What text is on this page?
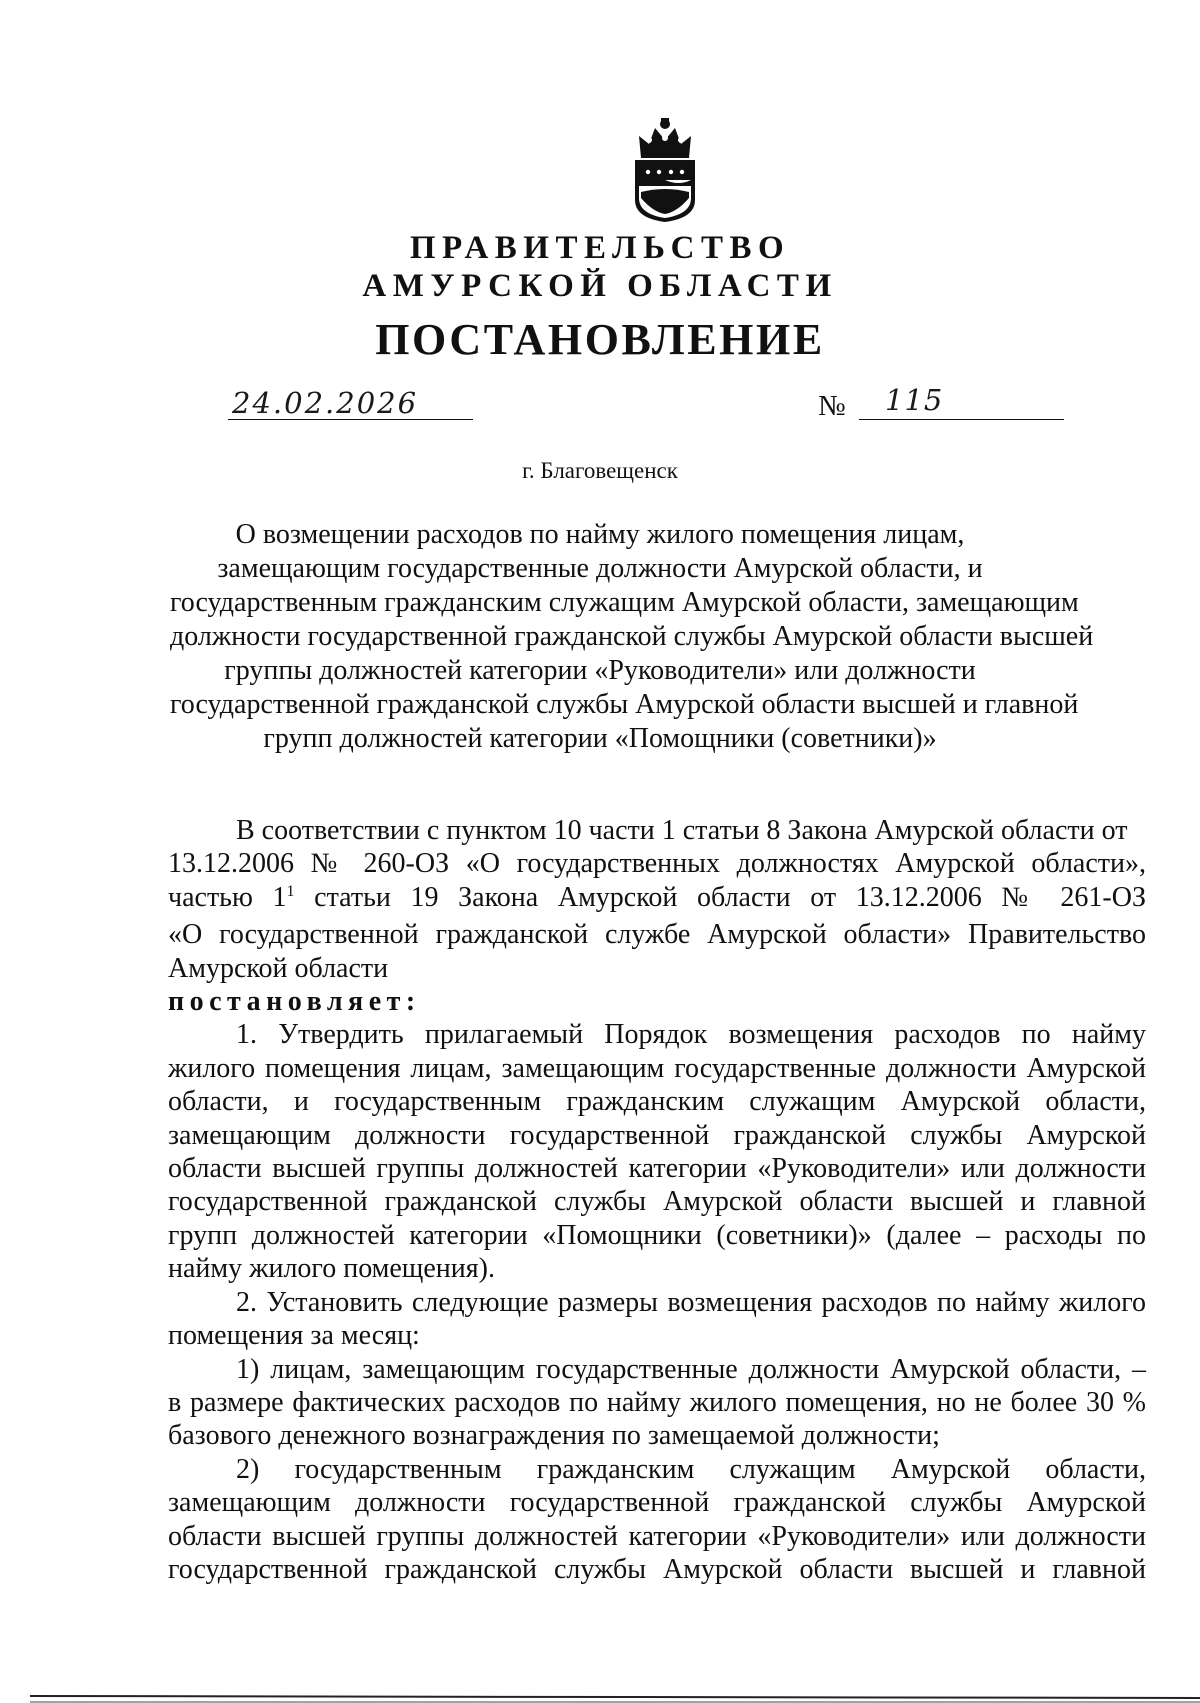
ПРАВИТЕЛЬСТВО
АМУРСКОЙ ОБЛАСТИ
ПОСТАНОВЛЕНИЕ
24.02.2026	№ 115
г. Благовещенск
О возмещении расходов по найму жилого помещения лицам,
замещающим государственные должности Амурской области, и
государственным гражданским служащим Амурской области, замещающим
должности государственной гражданской службы Амурской области высшей
группы должностей категории «Руководители» или должности
государственной гражданской службы Амурской области высшей и главной
групп должностей категории «Помощники (советники)»
В соответствии с пунктом 10 части 1 статьи 8 Закона Амурской области от
13.12.2006 № 260-ОЗ «О государственных должностях Амурской области»,
частью $1^1$ статьи 19 Закона Амурской области от 13.12.2006 № 261-ОЗ
«О государственной гражданской службе Амурской области» Правительство
Амурской области
постановляет:
1. Утвердить прилагаемый Порядок возмещения расходов по найму
жилого помещения лицам, замещающим государственные должности Амурской
области, и государственным гражданским служащим Амурской области,
замещающим должности государственной гражданской службы Амурской
области высшей группы должностей категории «Руководители» или должности
государственной гражданской службы Амурской области высшей и главной
групп должностей категории «Помощники (советники)» (далее – расходы по
найму жилого помещения).
2. Установить следующие размеры возмещения расходов по найму жилого
помещения за месяц:
1) лицам, замещающим государственные должности Амурской области, –
в размере фактических расходов по найму жилого помещения, но не более 30 %
базового денежного вознаграждения по замещаемой должности;
2) государственным гражданским служащим Амурской области,
замещающим должности государственной гражданской службы Амурской
области высшей группы должностей категории «Руководители» или должности
государственной гражданской службы Амурской области высшей и главной
